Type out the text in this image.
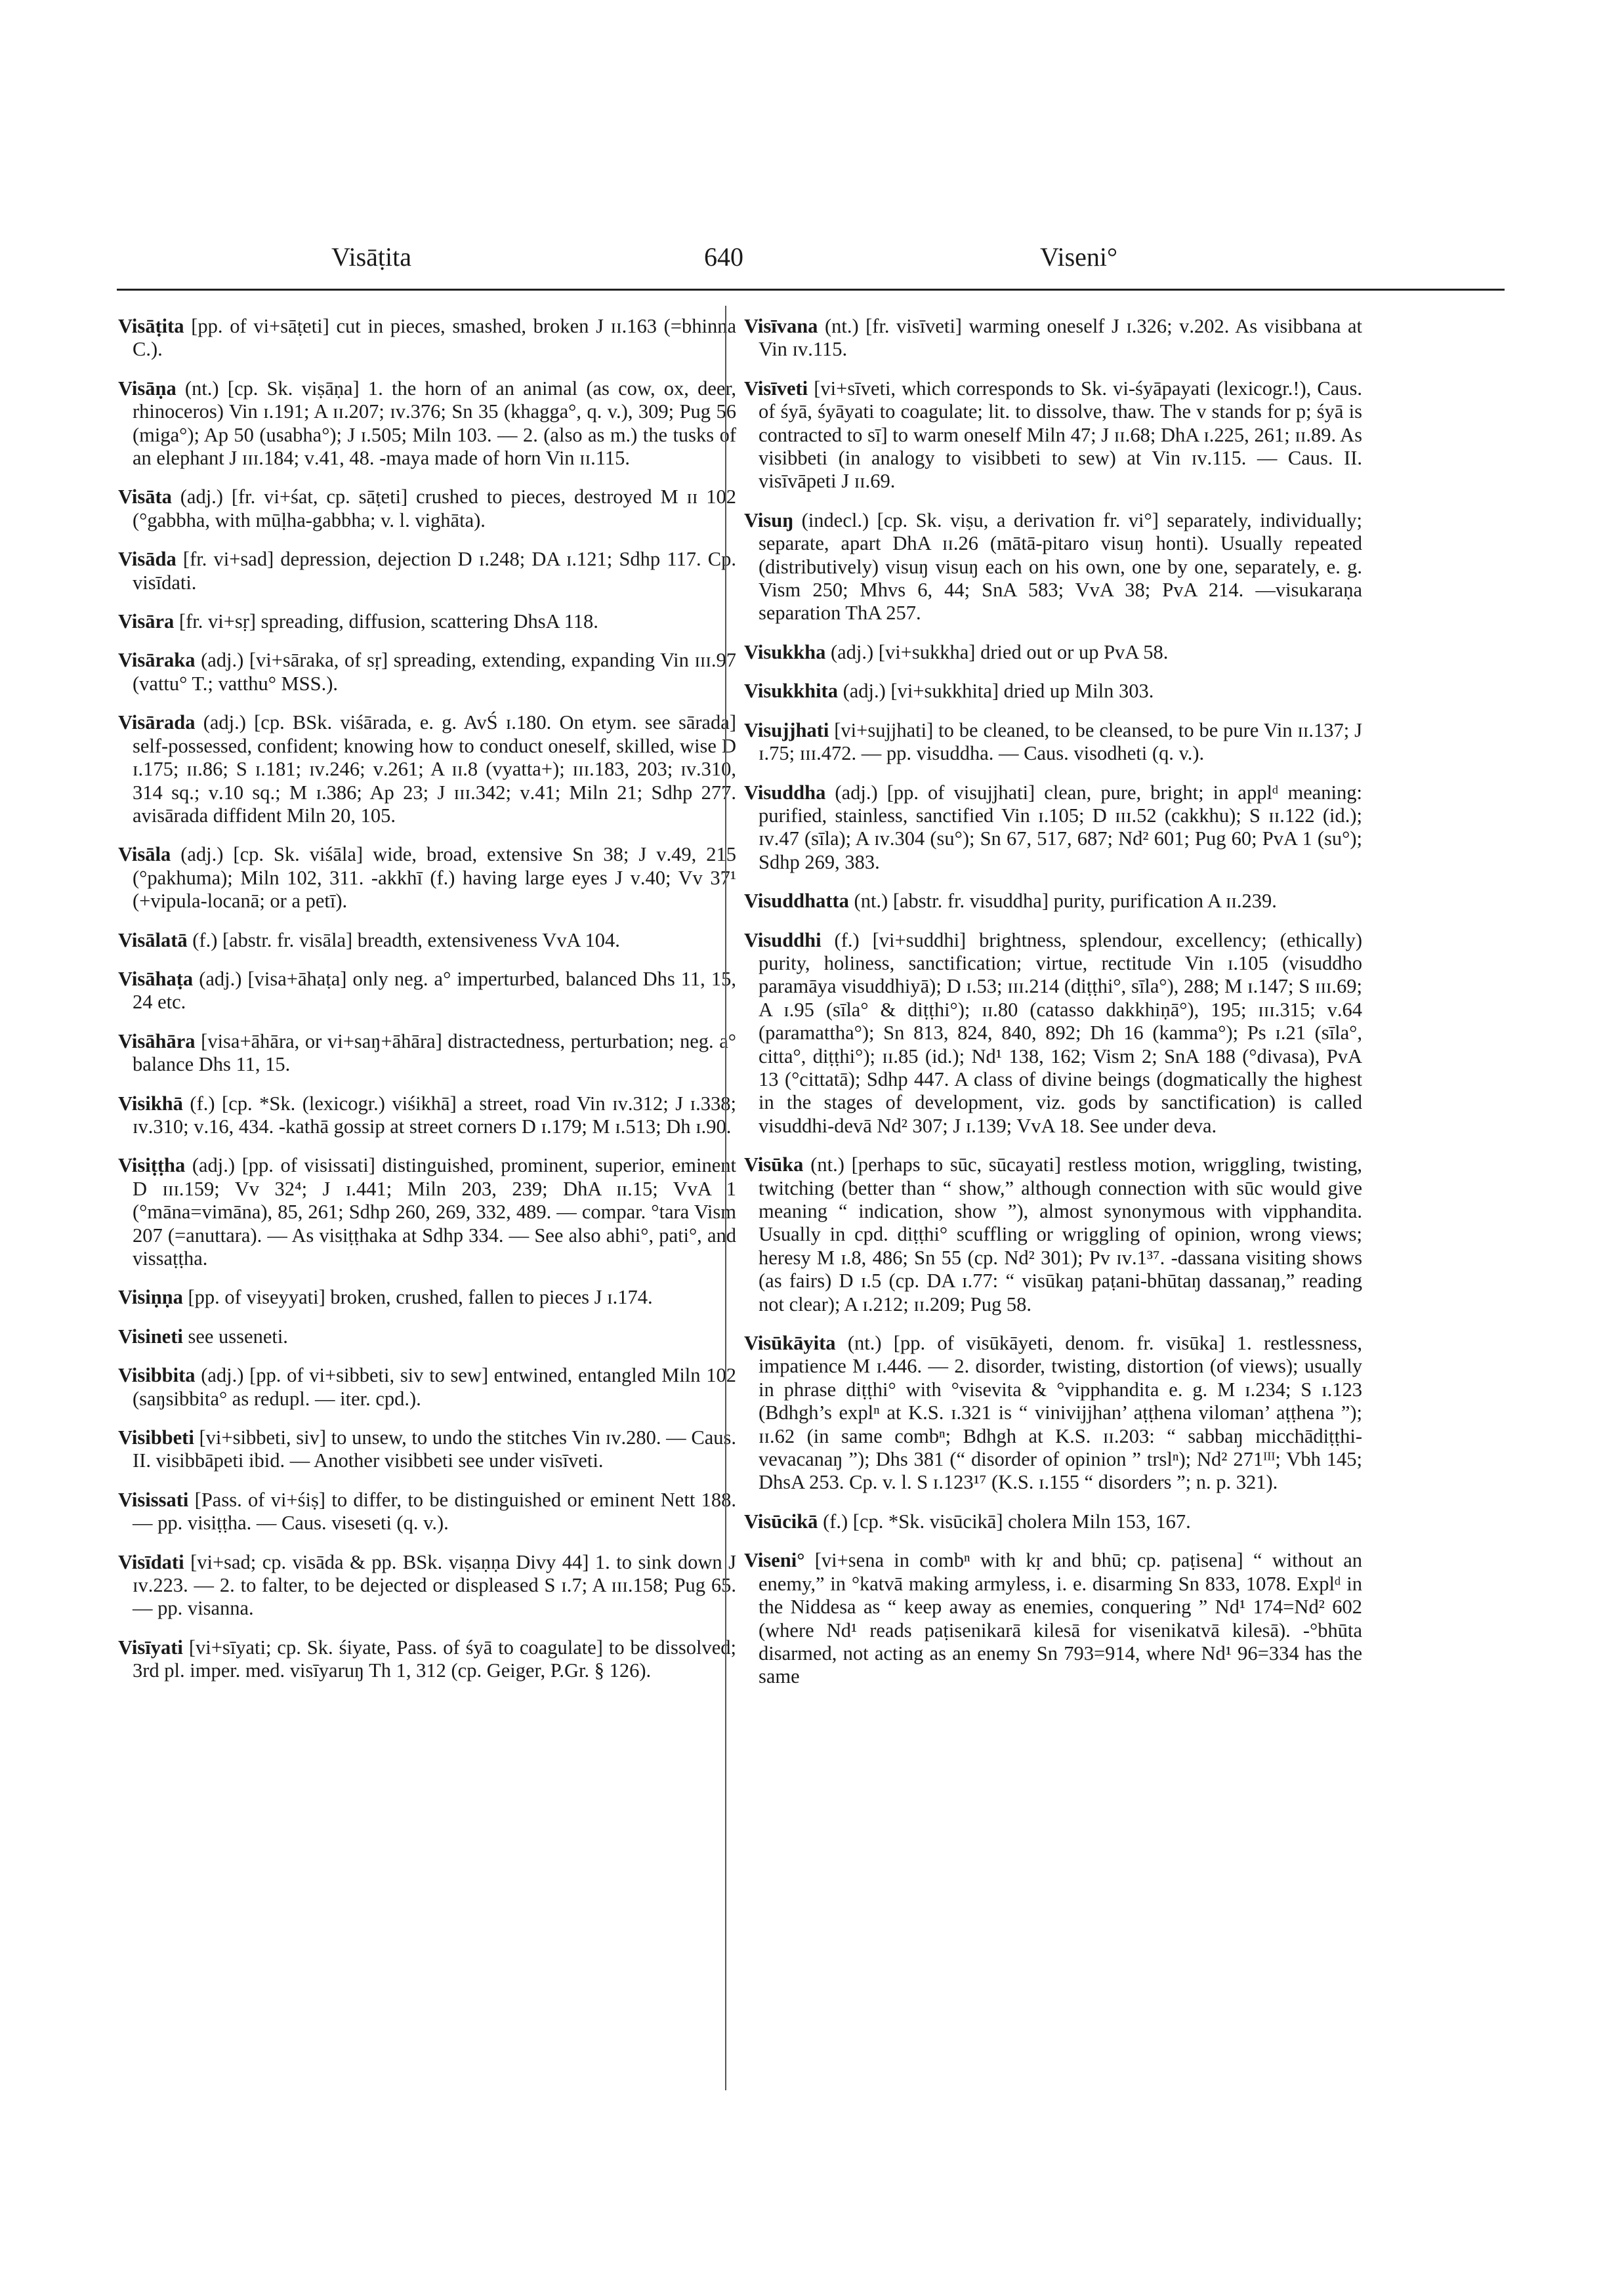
Visāṭita	640	Viseni°

Visāṭita [pp. of vi+sāṭeti] cut in pieces, smashed, broken J ɪɪ.163 (=bhinna C.).

Visāṇa (nt.) [cp. Sk. viṣāṇa] 1. the horn of an animal (as cow, ox, deer, rhinoceros) Vin ɪ.191; A ɪɪ.207; ɪᴠ.376; Sn 35 (khagga°, q. v.), 309; Pug 56 (miga°); Ap 50 (usabha°); J ɪ.505; Miln 103. — 2. (also as m.) the tusks of an elephant J ɪɪɪ.184; ᴠ.41, 48. -maya made of horn Vin ɪɪ.115.

Visāta (adj.) [fr. vi+śat, cp. sāṭeti] crushed to pieces, destroyed M ɪɪ 102 (°gabbha, with mūḷha-gabbha; v. l. vighāta).

Visāda [fr. vi+sad] depression, dejection D ɪ.248; DA ɪ.121; Sdhp 117. Cp. visīdati.

Visāra [fr. vi+sṛ] spreading, diffusion, scattering DhsA 118.

Visāraka (adj.) [vi+sāraka, of sṛ] spreading, extending, expanding Vin ɪɪɪ.97 (vattu° T.; vatthu° MSS.).

Visārada (adj.) [cp. BSk. viśārada, e. g. AvŚ ɪ.180. On etym. see sārada] self-possessed, confident; knowing how to conduct oneself, skilled, wise D ɪ.175; ɪɪ.86; S ɪ.181; ɪᴠ.246; ᴠ.261; A ɪɪ.8 (vyatta+); ɪɪɪ.183, 203; ɪᴠ.310, 314 sq.; ᴠ.10 sq.; M ɪ.386; Ap 23; J ɪɪɪ.342; ᴠ.41; Miln 21; Sdhp 277. avisārada diffident Miln 20, 105.

Visāla (adj.) [cp. Sk. viśāla] wide, broad, extensive Sn 38; J ᴠ.49, 215 (°pakhuma); Miln 102, 311. -akkhī (f.) having large eyes J ᴠ.40; Vv 37¹ (+vipula-locanā; or a petī).

Visālatā (f.) [abstr. fr. visāla] breadth, extensiveness VvA 104.

Visāhaṭa (adj.) [visa+āhaṭa] only neg. a° imperturbed, balanced Dhs 11, 15, 24 etc.

Visāhāra [visa+āhāra, or vi+saŋ+āhāra] distractedness, perturbation; neg. a° balance Dhs 11, 15.

Visikhā (f.) [cp. *Sk. (lexicogr.) viśikhā] a street, road Vin ɪᴠ.312; J ɪ.338; ɪᴠ.310; ᴠ.16, 434. -kathā gossip at street corners D ɪ.179; M ɪ.513; Dh ɪ.90.

Visiṭṭha (adj.) [pp. of visissati] distinguished, prominent, superior, eminent D ɪɪɪ.159; Vv 32⁴; J ɪ.441; Miln 203, 239; DhA ɪɪ.15; VvA 1 (°māna=vimāna), 85, 261; Sdhp 260, 269, 332, 489. — compar. °tara Vism 207 (=anuttara). — As visiṭṭhaka at Sdhp 334. — See also abhi°, pati°, and vissaṭṭha.

Visiṇṇa [pp. of viseyyati] broken, crushed, fallen to pieces J ɪ.174.

Visineti see usseneti.

Visibbita (adj.) [pp. of vi+sibbeti, siv to sew] entwined, entangled Miln 102 (saŋsibbita° as redupl. — iter. cpd.).

Visibbeti [vi+sibbeti, siv] to unsew, to undo the stitches Vin ɪᴠ.280. — Caus. II. visibbāpeti ibid. — Another visibbeti see under visīveti.

Visissati [Pass. of vi+śiṣ] to differ, to be distinguished or eminent Nett 188. — pp. visiṭṭha. — Caus. viseseti (q. v.).

Visīdati [vi+sad; cp. visāda & pp. BSk. viṣaṇṇa Divy 44] 1. to sink down J ɪᴠ.223. — 2. to falter, to be dejected or displeased S ɪ.7; A ɪɪɪ.158; Pug 65. — pp. visanna.

Visīyati [vi+sīyati; cp. Sk. śiyate, Pass. of śyā to coagulate] to be dissolved; 3rd pl. imper. med. visīyaruŋ Th 1, 312 (cp. Geiger, P.Gr. § 126).

Visīvana (nt.) [fr. visīveti] warming oneself J ɪ.326; ᴠ.202. As visibbana at Vin ɪᴠ.115.

Visīveti [vi+sīveti, which corresponds to Sk. vi-śyāpayati (lexicogr.!), Caus. of śyā, śyāyati to coagulate; lit. to dissolve, thaw. The v stands for p; śyā is contracted to sī] to warm oneself Miln 47; J ɪɪ.68; DhA ɪ.225, 261; ɪɪ.89. As visibbeti (in analogy to visibbeti to sew) at Vin ɪᴠ.115. — Caus. II. visīvāpeti J ɪɪ.69.

Visuŋ (indecl.) [cp. Sk. viṣu, a derivation fr. vi°] separately, individually; separate, apart DhA ɪɪ.26 (mātā-pitaro visuŋ honti). Usually repeated (distributively) visuŋ visuŋ each on his own, one by one, separately, e. g. Vism 250; Mhvs 6, 44; SnA 583; VvA 38; PvA 214. —visukaraṇa separation ThA 257.

Visukkha (adj.) [vi+sukkha] dried out or up PvA 58.

Visukkhita (adj.) [vi+sukkhita] dried up Miln 303.

Visujjhati [vi+sujjhati] to be cleaned, to be cleansed, to be pure Vin ɪɪ.137; J ɪ.75; ɪɪɪ.472. — pp. visuddha. — Caus. visodheti (q. v.).

Visuddha (adj.) [pp. of visujjhati] clean, pure, bright; in applᵈ meaning: purified, stainless, sanctified Vin ɪ.105; D ɪɪɪ.52 (cakkhu); S ɪɪ.122 (id.); ɪᴠ.47 (sīla); A ɪᴠ.304 (su°); Sn 67, 517, 687; Nd² 601; Pug 60; PvA 1 (su°); Sdhp 269, 383.

Visuddhatta (nt.) [abstr. fr. visuddha] purity, purification A ɪɪ.239.

Visuddhi (f.) [vi+suddhi] brightness, splendour, excellency; (ethically) purity, holiness, sanctification; virtue, rectitude Vin ɪ.105 (visuddho paramāya visuddhiyā); D ɪ.53; ɪɪɪ.214 (diṭṭhi°, sīla°), 288; M ɪ.147; S ɪɪɪ.69; A ɪ.95 (sīla° & diṭṭhi°); ɪɪ.80 (catasso dakkhiṇā°), 195; ɪɪɪ.315; ᴠ.64 (paramattha°); Sn 813, 824, 840, 892; Dh 16 (kamma°); Ps ɪ.21 (sīla°, citta°, diṭṭhi°); ɪɪ.85 (id.); Nd¹ 138, 162; Vism 2; SnA 188 (°divasa), PvA 13 (°cittatā); Sdhp 447. A class of divine beings (dogmatically the highest in the stages of development, viz. gods by sanctification) is called visuddhi-devā Nd² 307; J ɪ.139; VvA 18. See under deva.

Visūka (nt.) [perhaps to sūc, sūcayati] restless motion, wriggling, twisting, twitching (better than “ show,” although connection with sūc would give meaning “ indication, show ”), almost synonymous with vipphandita. Usually in cpd. diṭṭhi° scuffling or wriggling of opinion, wrong views; heresy M ɪ.8, 486; Sn 55 (cp. Nd² 301); Pv ɪᴠ.1³⁷. -dassana visiting shows (as fairs) D ɪ.5 (cp. DA ɪ.77: “ visūkaŋ paṭani-bhūtaŋ dassanaŋ,” reading not clear); A ɪ.212; ɪɪ.209; Pug 58.

Visūkāyita (nt.) [pp. of visūkāyeti, denom. fr. visūka] 1. restlessness, impatience M ɪ.446. — 2. disorder, twisting, distortion (of views); usually in phrase diṭṭhi° with °visevita & °vipphandita e. g. M ɪ.234; S ɪ.123 (Bdhgh’s explⁿ at K.S. ɪ.321 is “ vinivijjhan’ aṭṭhena viloman’ aṭṭhena ”); ɪɪ.62 (in same combⁿ; Bdhgh at K.S. ɪɪ.203: “ sabbaŋ micchādiṭṭhi-vevacanaŋ ”); Dhs 381 (“ disorder of opinion ” trslⁿ); Nd² 271ᴵᴵᴵ; Vbh 145; DhsA 253. Cp. v. l. S ɪ.123¹⁷ (K.S. ɪ.155 “ disorders ”; n. p. 321).

Visūcikā (f.) [cp. *Sk. visūcikā] cholera Miln 153, 167.

Viseni° [vi+sena in combⁿ with kṛ and bhū; cp. paṭisena] “ without an enemy,” in °katvā making armyless, i. e. disarming Sn 833, 1078. Explᵈ in the Niddesa as “ keep away as enemies, conquering ” Nd¹ 174=Nd² 602 (where Nd¹ reads paṭisenikarā kilesā for visenikatvā kilesā). -°bhūta disarmed, not acting as an enemy Sn 793=914, where Nd¹ 96=334 has the same
